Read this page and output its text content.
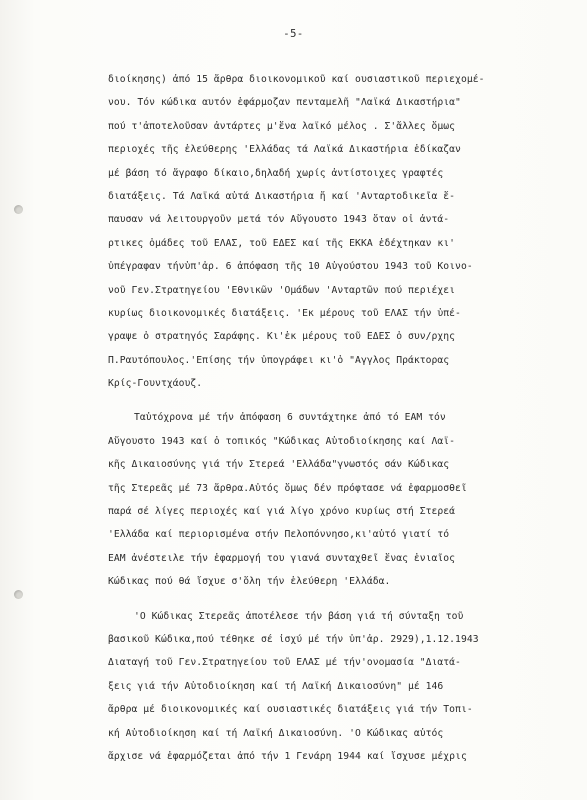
-5-
διοίκησης) ἀπό 15 ἄρθρα διοικονομικοῦ καί ουσιαστικοῦ περιεχομέ-
νου. Τόν κώδικα αυτόν ἐφάρμοζαν πενταμελῆ "Λαϊκά Δικαστήρια"
πού τ'ἀποτελοῦσαν ἀντάρτες μ'ἕνα λαϊκό μέλος . Σ'ἄλλες ὅμως
περιοχές τῆς ἐλεύθερης 'Ελλάδας τά Λαϊκά Δικαστήρια ἐδίκαζαν
μέ βάση τό ἄγραφο δίκαιο,δηλαδή χωρίς ἀντίστοιχες γραφτές
διατάξεις. Τά Λαϊκά αὐτά Δικαστήρια ἤ καί 'Ανταρτοδικεῖα ἔ-
παυσαν νά λειτουργοῦν μετά τόν Αὔγουστο 1943 ὅταν οἱ ἀντά-
ρτικες ὁμάδες τοῦ ΕΛΑΣ, τοῦ ΕΔΕΣ καί τῆς ΕΚΚΑ ἐδέχτηκαν κι'
ὑπέγραφαν τήνὑπ'ἀρ. 6 ἀπόφαση τῆς 10 Αὐγούστου 1943 τοῦ Κοινο-
νοῦ Γεν.Στρατηγείου 'Εθνικῶν 'Ομάδων 'Ανταρτῶν πού περιέχει
κυρίως διοικονομικές διατάξεις. 'Εκ μέρους τοῦ ΕΛΑΣ τήν ὑπέ-
γραψε ὁ στρατηγός Σαράφης. Κι'ἐκ μέρους τοῦ ΕΔΕΣ ὁ συν/ρχης
Π.Ραυτόπουλος.'Επίσης τήν ὑπογράφει κι'ὁ "Αγγλος Πράκτορας
Κρίς-Γουντχάουζ.
Ταὐτόχρονα μέ τήν ἀπόφαση 6 συντάχτηκε ἀπό τό ΕΑΜ τόν
Αὔγουστο 1943 καί ὁ τοπικός "Κώδικας Αὐτοδιοίκησης καί Λαϊ-
κῆς Δικαιοσύνης γιά τήν Στερεά 'Ελλάδα"γνωστός σάν Κώδικας
τῆς Στερεᾶς μέ 73 ἄρθρα.Αὐτός ὅμως δέν πρόφτασε νά ἐφαρμοσθεῖ
παρά σέ λίγες περιοχές καί γιά λίγο χρόνο κυρίως στή Στερεά
'Ελλάδα καί περιορισμένα στήν Πελοπόννησο,κι'αὐτό γιατί τό
ΕΑΜ ἀνέστειλε τήν ἐφαρμογή του γιανά συνταχθεῖ ἕνας ἑνιαῖος
Κώδικας πού θά ἴσχυε σ'ὅλη τήν ἐλεύθερη 'Ελλάδα.
'Ο Κώδικας Στερεᾶς ἀποτέλεσε τήν βάση γιά τή σύνταξη τοῦ
βασικοῦ Κώδικα,πού τέθηκε σέ ἰσχύ μέ τήν ὑπ'ἀρ. 2929),1.12.1943
Διαταγή τοῦ Γεν.Στρατηγείου τοῦ ΕΛΑΣ μέ τήν'ονομασία "Διατά-
ξεις γιά τήν Αὐτοδιοίκηση καί τή Λαϊκή Δικαιοσύνη" μέ 146
ἄρθρα μέ διοικονομικές καί ουσιαστικές διατάξεις γιά τήν Τοπι-
κή Αὐτοδιοίκηση καί τή Λαϊκή Δικαιοσύνη. 'Ο Κώδικας αὐτός
ἄρχισε νά ἐφαρμόζεται ἀπό τήν 1 Γενάρη 1944 καί ἴσχυσε μέχρις
